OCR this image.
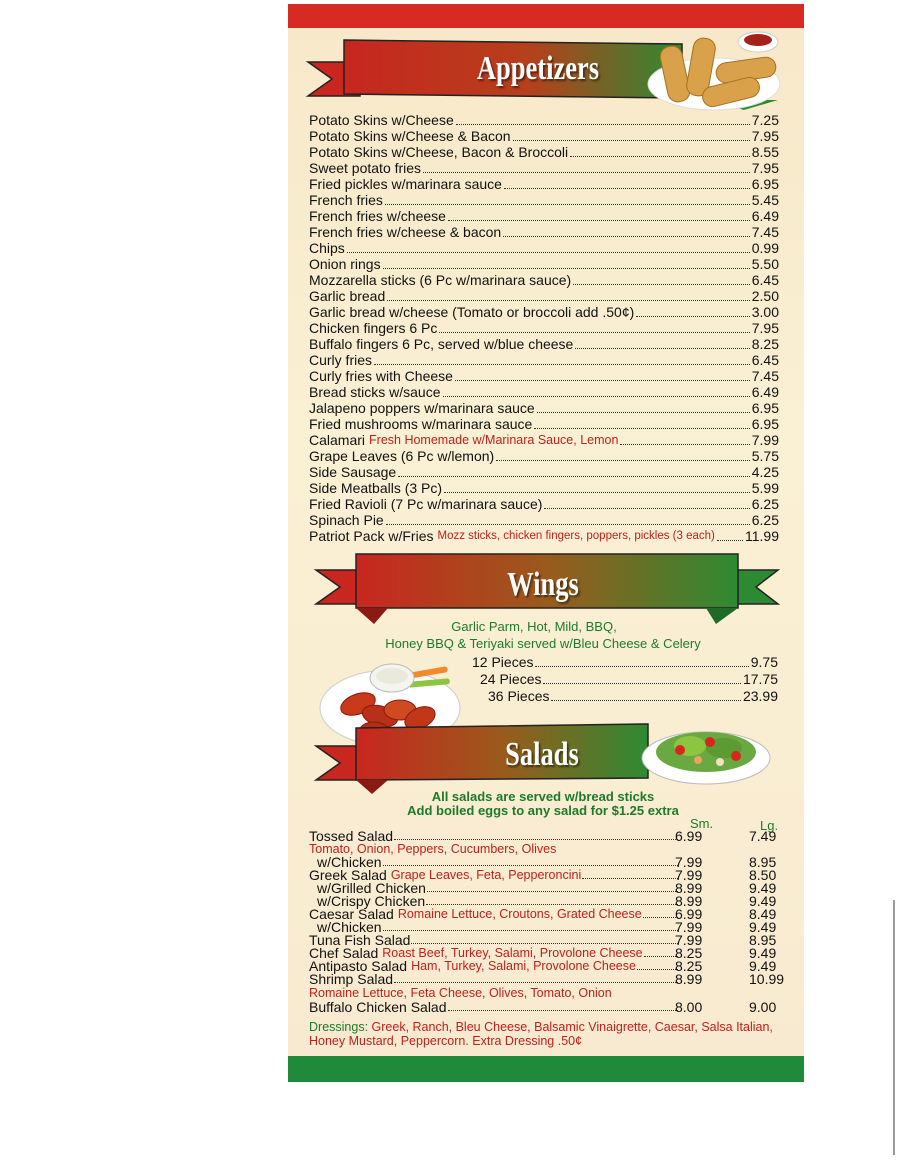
Appetizers
Potato Skins w/Cheese	7.25
Potato Skins w/Cheese & Bacon	7.95
Potato Skins w/Cheese, Bacon & Broccoli	8.55
Sweet potato fries	7.95
Fried pickles w/marinara sauce	6.95
French fries	5.45
French fries w/cheese	6.49
French fries w/cheese & bacon	7.45
Chips	0.99
Onion rings	5.50
Mozzarella sticks (6 Pc w/marinara sauce)	6.45
Garlic bread	2.50
Garlic bread w/cheese (Tomato or broccoli add .50¢)	3.00
Chicken fingers 6 Pc	7.95
Buffalo fingers 6 Pc, served w/blue cheese	8.25
Curly fries	6.45
Curly fries with Cheese	7.45
Bread sticks w/sauce	6.49
Jalapeno poppers w/marinara sauce	6.95
Fried mushrooms w/marinara sauce	6.95
Calamari Fresh Homemade w/Marinara Sauce, Lemon	7.99
Grape Leaves (6 Pc w/lemon)	5.75
Side Sausage	4.25
Side Meatballs (3 Pc)	5.99
Fried Ravioli (7 Pc w/marinara sauce)	6.25
Spinach Pie	6.25
Patriot Pack w/Fries Mozz sticks, chicken fingers, poppers, pickles (3 each) 11.99
Wings
Garlic Parm, Hot, Mild, BBQ,
Honey BBQ & Teriyaki served w/Bleu Cheese & Celery
12 Pieces	9.75
24 Pieces	17.75
36 Pieces	23.99
Salads
All salads are served w/bread sticks
Add boiled eggs to any salad for $1.25 extra
Sm.	Lg.
Tossed Salad	6.99	7.49
Tomato, Onion, Peppers, Cucumbers, Olives
w/Chicken	7.99	8.95
Greek Salad Grape Leaves, Feta, Pepperoncini	7.99	8.50
w/Grilled Chicken	8.99	9.49
w/Crispy Chicken	8.99	9.49
Caesar Salad Romaine Lettuce, Croutons, Grated Cheese 6.99	8.49
w/Chicken	7.99	9.49
Tuna Fish Salad	7.99	8.95
Chef Salad Roast Beef, Turkey, Salami, Provolone Cheese 8.25	9.49
Antipasto Salad Ham, Turkey, Salami, Provolone Cheese	8.25	9.49
Shrimp Salad	8.99	10.99
Romaine Lettuce, Feta Cheese, Olives, Tomato, Onion
Buffalo Chicken Salad	8.00	9.00
Dressings: Greek, Ranch, Bleu Cheese, Balsamic Vinaigrette, Caesar, Salsa Italian, Honey Mustard, Peppercorn. Extra Dressing .50¢
